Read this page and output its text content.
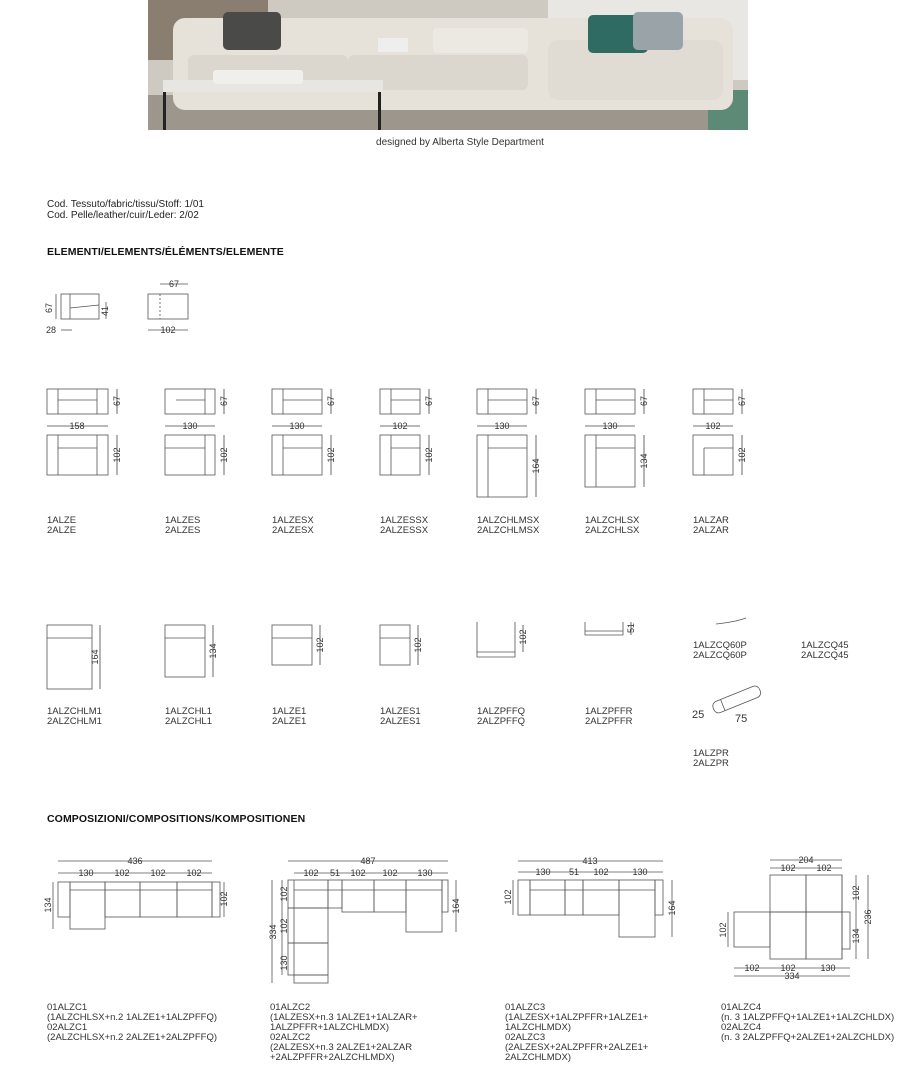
designed by Alberta Style Department
Cod. Tessuto/fabric/tissu/Stoff: 1/01
Cod. Pelle/leather/cuir/Leder: 2/02
ELEMENTI/ELEMENTS/ÉLÉMENTS/ELEMENTE
67
28
41
67
102
158	130	130	102	130	130	102
67	67	67	67	67	67	67
102	102	102	102
164	134	102
164	134	102	102
102
51
25	75
436
130 102 102 102
134	102
487
102 51 102 102 130
102
102
130
334
164
413
130 51 102	130
102
164
204
102 102
102
134
236
102
102 102	130
334
1ALZE
2ALZE
1ALZES
2ALZES
1ALZESX
2ALZESX
1ALZESSX
2ALZESSX
1ALZCHLMSX
2ALZCHLMSX
1ALZCHLSX
2ALZCHLSX
1ALZAR
2ALZAR
1ALZCHLM1
2ALZCHLM1
1ALZCHL1
2ALZCHL1
1ALZE1
2ALZE1
1ALZES1
2ALZES1
1ALZPFFQ
2ALZPFFQ
1ALZPFFR
2ALZPFFR
1ALZCQ60P
2ALZCQ60P
1ALZCQ45
2ALZCQ45
1ALZPR
2ALZPR
COMPOSIZIONI/COMPOSITIONS/KOMPOSITIONEN
01ALZC1
(1ALZCHLSX+n.2 1ALZE1+1ALZPFFQ)
02ALZC1
(2ALZCHLSX+n.2 2ALZE1+2ALZPFFQ)
01ALZC2
(1ALZESX+n.3 1ALZE1+1ALZAR+
1ALZPFFR+1ALZCHLMDX)
02ALZC2
(2ALZESX+n.3 2ALZE1+2ALZAR
+2ALZPFFR+2ALZCHLMDX)
01ALZC3
(1ALZESX+1ALZPFFR+1ALZE1+
1ALZCHLMDX)
02ALZC3
(2ALZESX+2ALZPFFR+2ALZE1+
2ALZCHLMDX)
01ALZC4
(n. 3 1ALZPFFQ+1ALZE1+1ALZCHLDX)
02ALZC4
(n. 3 2ALZPFFQ+2ALZE1+2ALZCHLDX)
